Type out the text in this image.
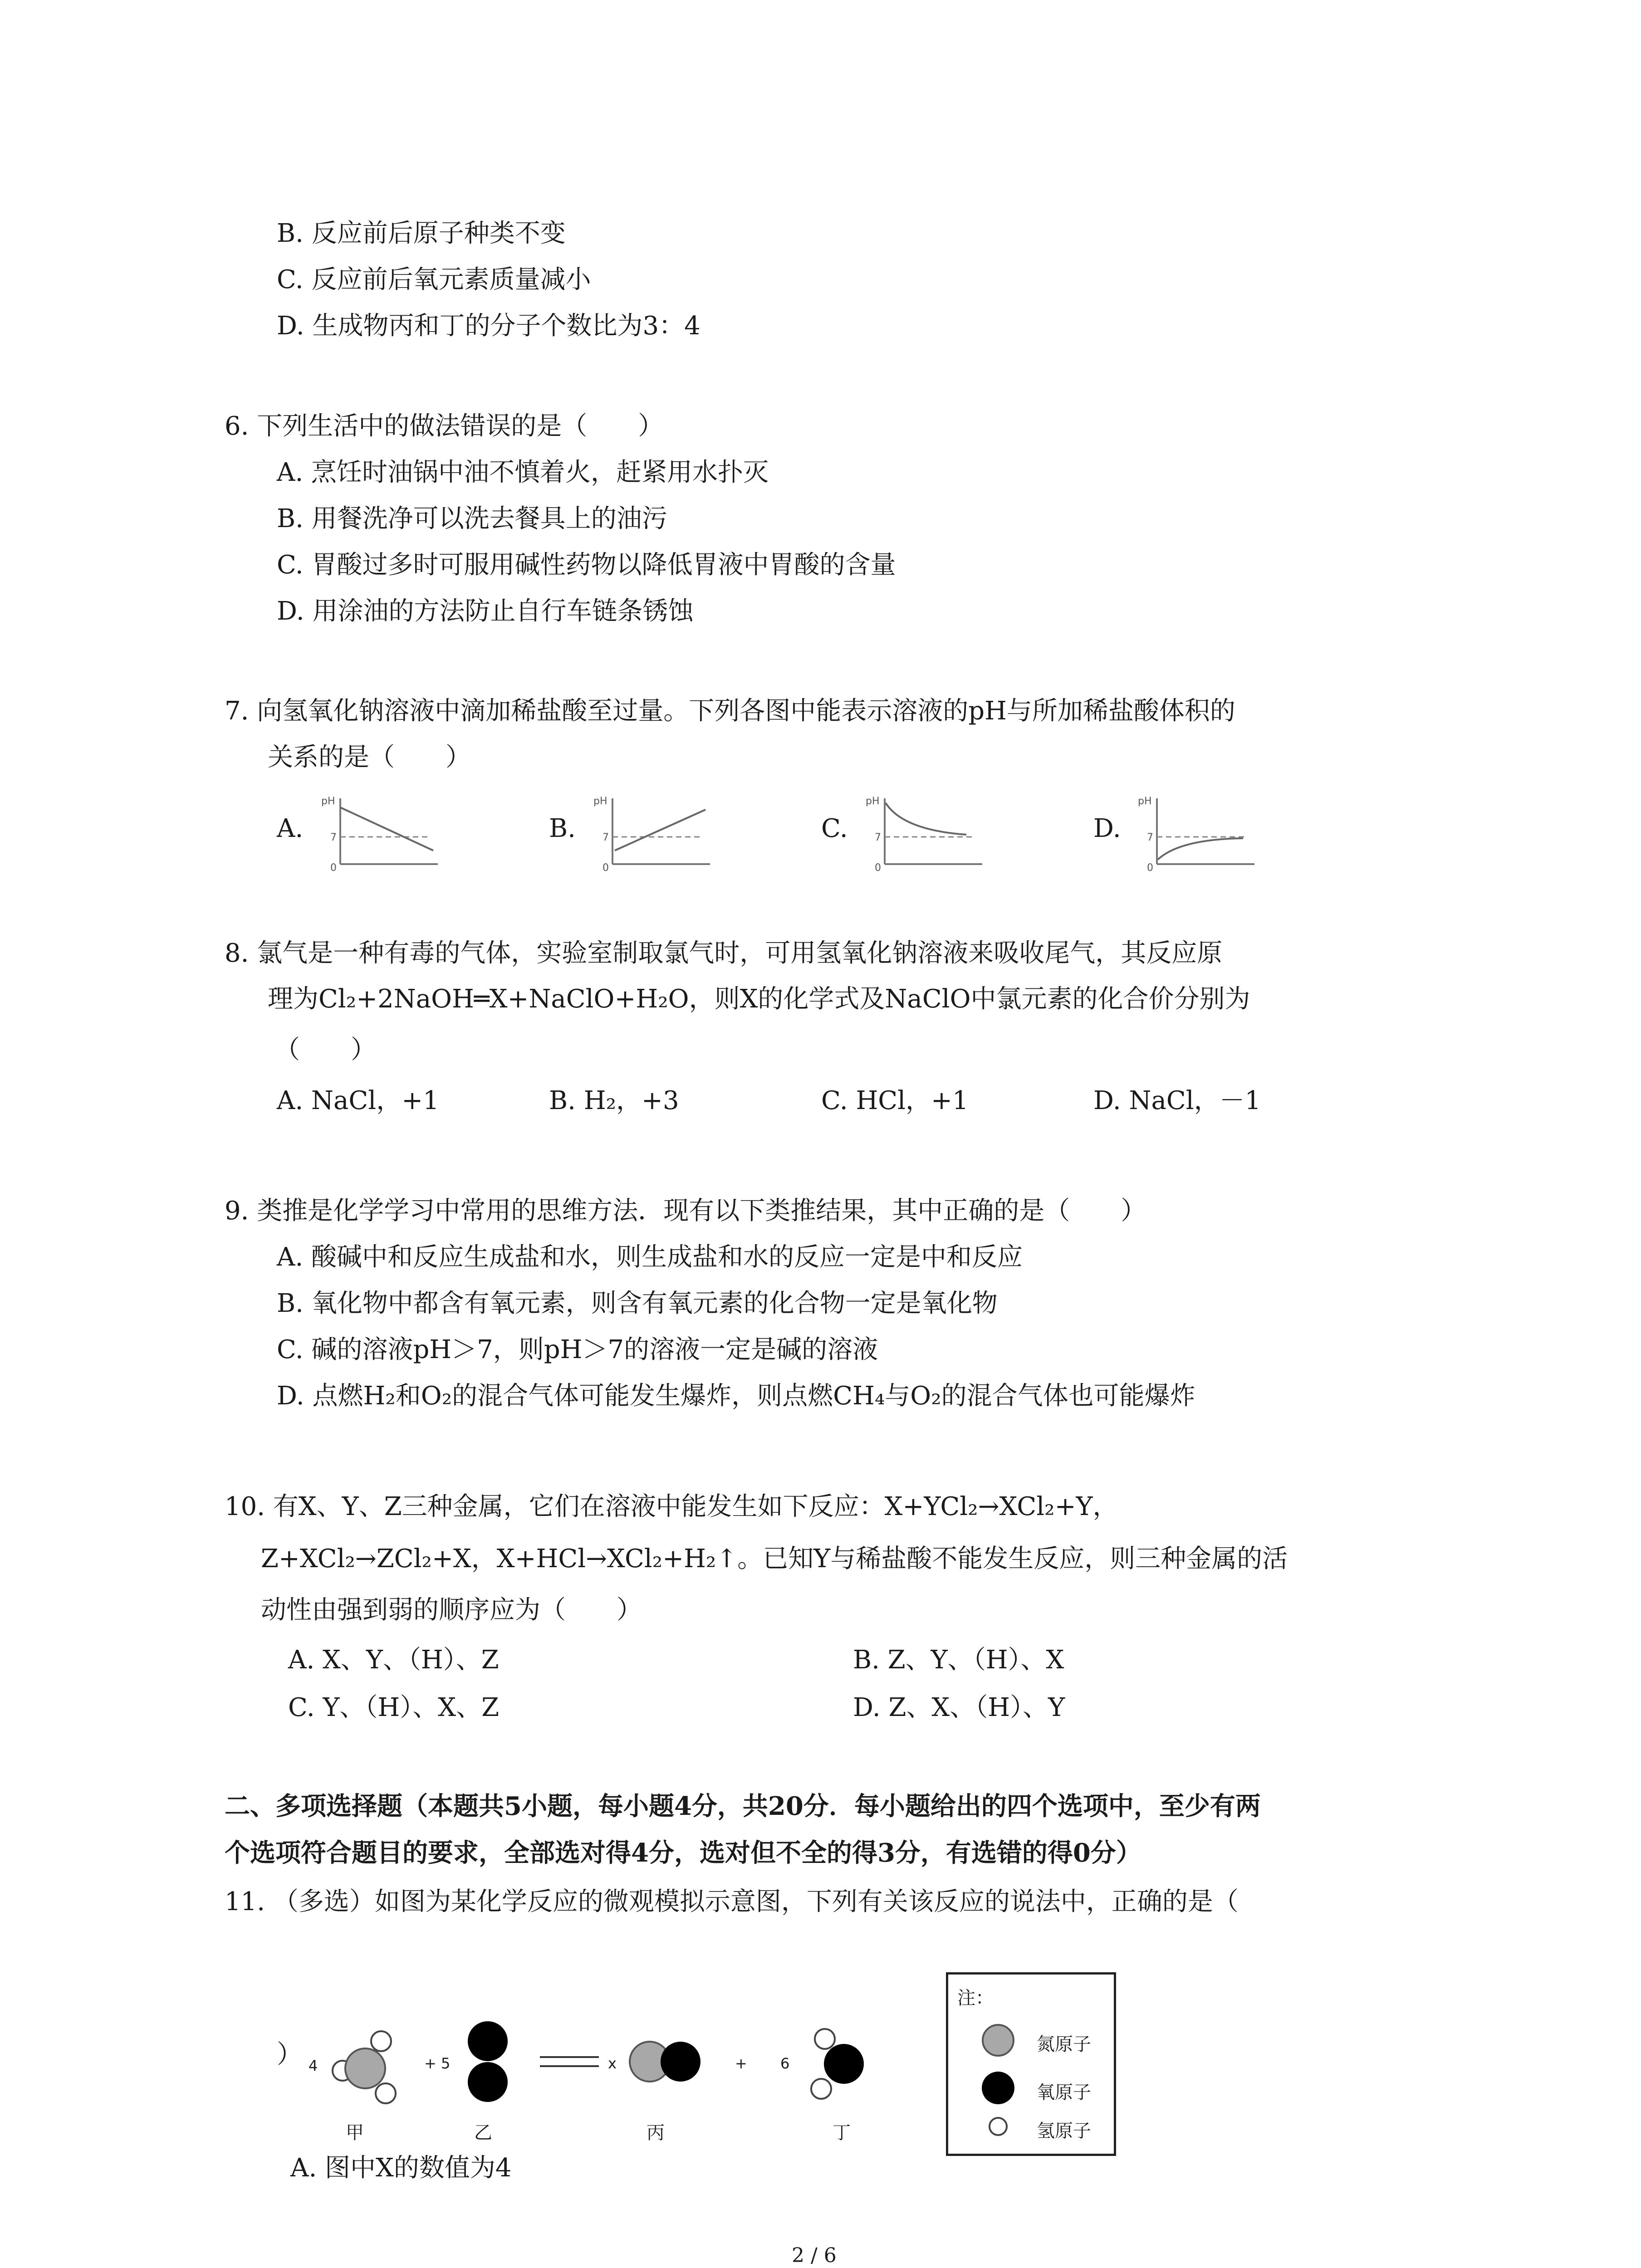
B. 反应前后原子种类不变
C. 反应前后氧元素质量减小
D. 生成物丙和丁的分子个数比为3：4
6. 下列生活中的做法错误的是（　　）
A. 烹饪时油锅中油不慎着火，赶紧用水扑灭
B. 用餐洗净可以洗去餐具上的油污
C. 胃酸过多时可服用碱性药物以降低胃液中胃酸的含量
D. 用涂油的方法防止自行车链条锈蚀
7. 向氢氧化钠溶液中滴加稀盐酸至过量。下列各图中能表示溶液的pH与所加稀盐酸体积的
关系的是（　　）
A.	B.	C.	D.
pH
7
0
pH
7
0
pH
7
0
pH
7
0
8. 氯气是一种有毒的气体，实验室制取氯气时，可用氢氧化钠溶液来吸收尾气，其反应原
理为Cl₂+2NaOH═X+NaClO+H₂O，则X的化学式及NaClO中氯元素的化合价分别为
（　　）
A. NaCl，+1	B. H₂，+3	C. HCl，+1	D. NaCl，－1
9. 类推是化学学习中常用的思维方法．现有以下类推结果，其中正确的是（　　）
A. 酸碱中和反应生成盐和水，则生成盐和水的反应一定是中和反应
B. 氧化物中都含有氧元素，则含有氧元素的化合物一定是氧化物
C. 碱的溶液pH＞7，则pH＞7的溶液一定是碱的溶液
D. 点燃H₂和O₂的混合气体可能发生爆炸，则点燃CH₄与O₂的混合气体也可能爆炸
10. 有X、Y、Z三种金属，它们在溶液中能发生如下反应：X+YCl₂→XCl₂+Y，
Z+XCl₂→ZCl₂+X，X+HCl→XCl₂+H₂↑。已知Y与稀盐酸不能发生反应，则三种金属的活
动性由强到弱的顺序应为（　　）
A. X、Y、（H）、Z	B. Z、Y、（H）、X
C. Y、（H）、X、Z	D. Z、X、（H）、Y
二、多项选择题（本题共5小题，每小题4分，共20分．每小题给出的四个选项中，至少有两
个选项符合题目的要求，全部选对得4分，选对但不全的得3分，有选错的得0分）
11. （多选）如图为某化学反应的微观模拟示意图，下列有关该反应的说法中，正确的是（
） 4
甲
+ 5
乙
x
丙
+ 6
丁
注：
氮原子
氧原子
氢原子
A. 图中X的数值为4
2 / 6
